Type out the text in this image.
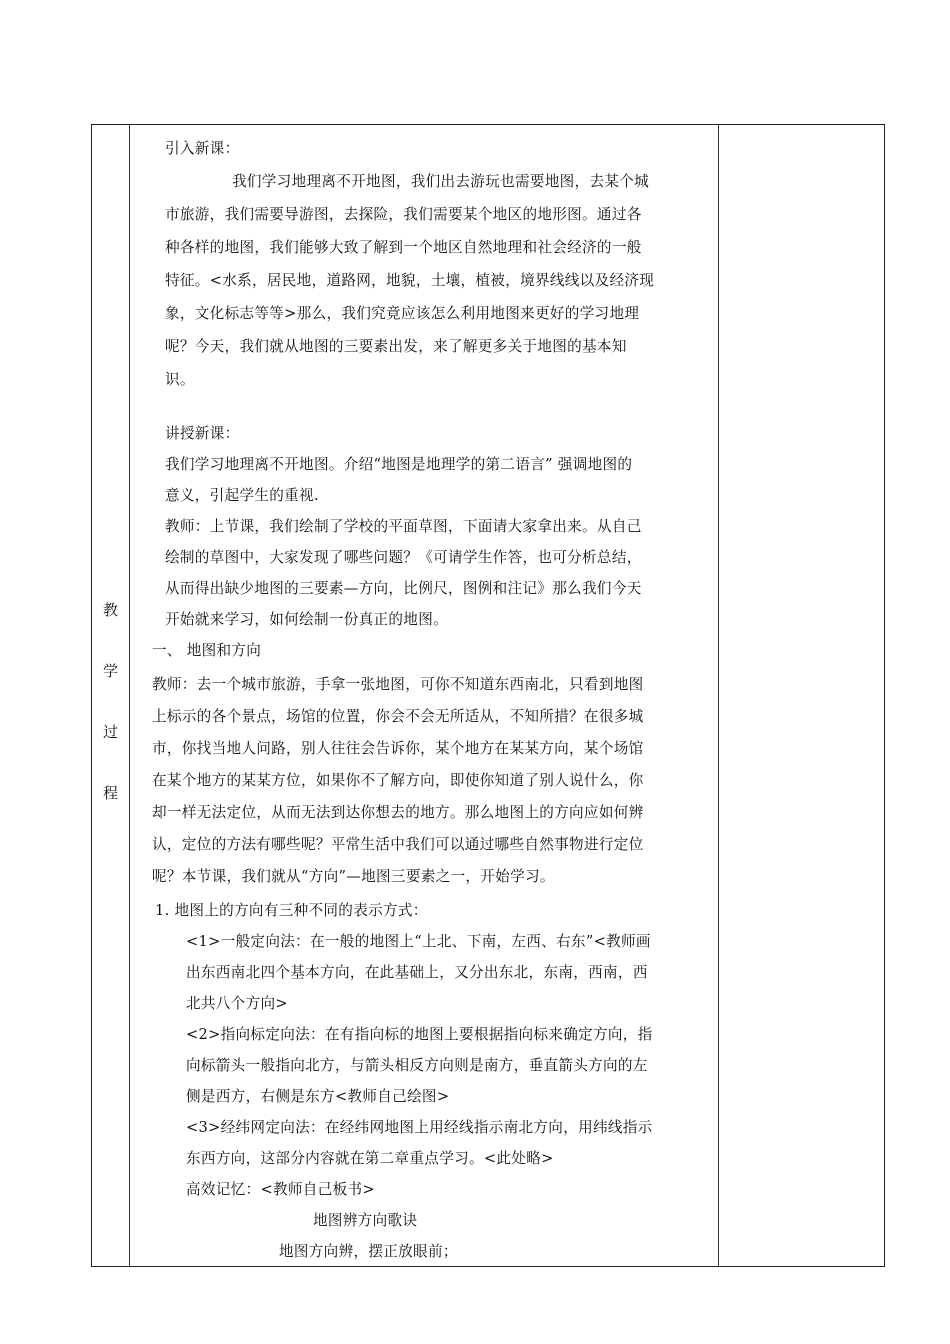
教
学
过
程
引入新课：
我们学习地理离不开地图，我们出去游玩也需要地图，去某个城
市旅游，我们需要导游图，去探险，我们需要某个地区的地形图。通过各
种各样的地图，我们能够大致了解到一个地区自然地理和社会经济的一般
特征。<水系，居民地，道路网，地貌，土壤，植被，境界线线以及经济现
象，文化标志等等>那么，我们究竟应该怎么利用地图来更好的学习地理
呢？今天，我们就从地图的三要素出发，来了解更多关于地图的基本知
识。
讲授新课：
我们学习地理离不开地图。介绍“地图是地理学的第二语言” 强调地图的
意义，引起学生的重视.
教师：上节课，我们绘制了学校的平面草图，下面请大家拿出来。从自己
绘制的草图中，大家发现了哪些问题？《可请学生作答，也可分析总结，
从而得出缺少地图的三要素—方向，比例尺，图例和注记》那么我们今天
开始就来学习，如何绘制一份真正的地图。
一、 地图和方向
教师：去一个城市旅游，手拿一张地图，可你不知道东西南北，只看到地图
上标示的各个景点，场馆的位置，你会不会无所适从，不知所措？在很多城
市，你找当地人问路，别人往往会告诉你，某个地方在某某方向，某个场馆
在某个地方的某某方位，如果你不了解方向，即使你知道了别人说什么，你
却一样无法定位，从而无法到达你想去的地方。那么地图上的方向应如何辨
认，定位的方法有哪些呢？平常生活中我们可以通过哪些自然事物进行定位
呢？本节课，我们就从“方向”—地图三要素之一，开始学习。
1. 地图上的方向有三种不同的表示方式：
<1>一般定向法：在一般的地图上“上北、下南，左西、右东”<教师画
出东西南北四个基本方向，在此基础上，又分出东北，东南，西南，西
北共八个方向>
<2>指向标定向法：在有指向标的地图上要根据指向标来确定方向，指
向标箭头一般指向北方，与箭头相反方向则是南方，垂直箭头方向的左
侧是西方，右侧是东方<教师自己绘图>
<3>经纬网定向法：在经纬网地图上用经线指示南北方向，用纬线指示
东西方向，这部分内容就在第二章重点学习。<此处略>
高效记忆：<教师自己板书>
地图辨方向歌诀
地图方向辨，摆正放眼前；
